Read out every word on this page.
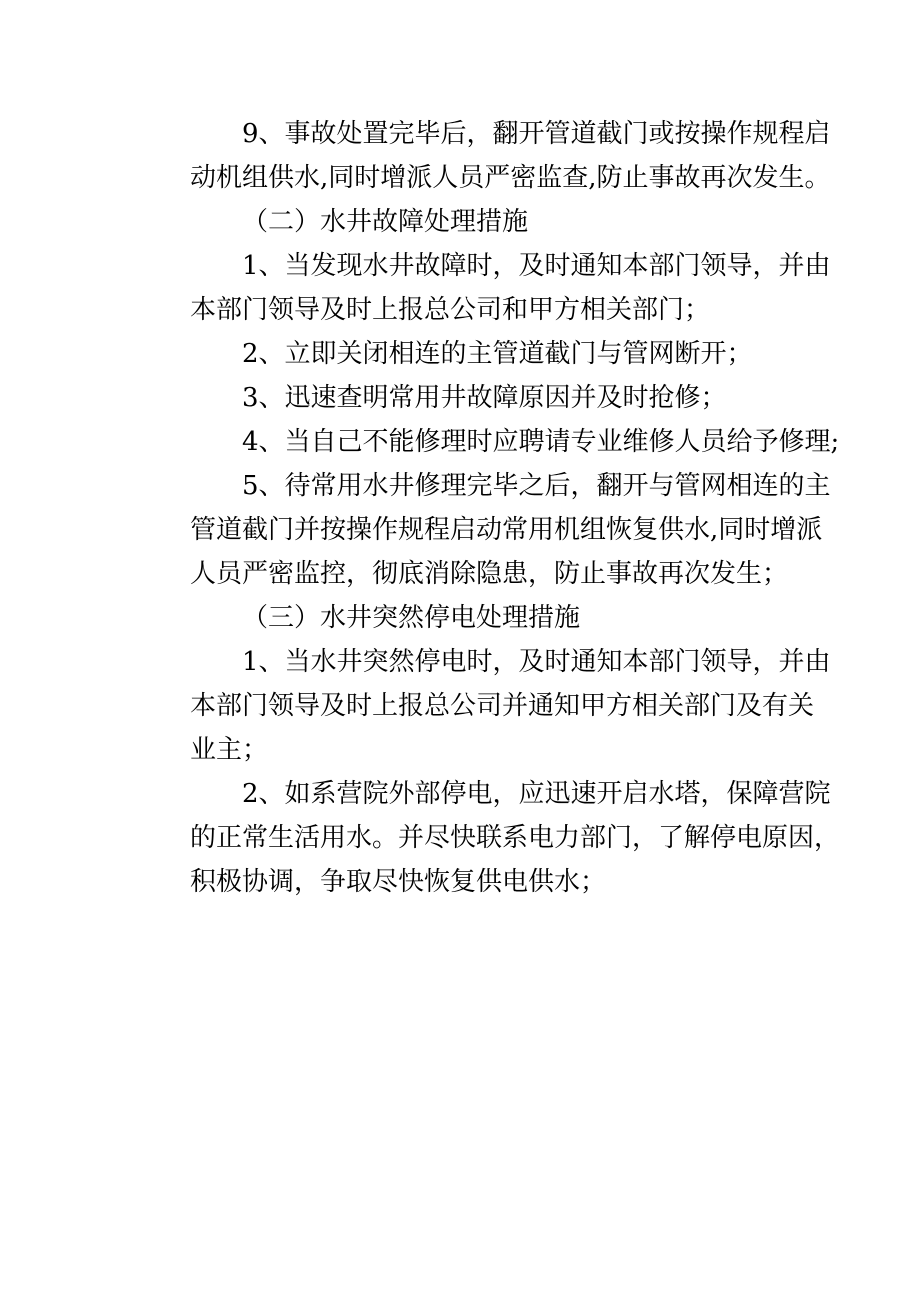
9、事故处置完毕后，翻开管道截门或按操作规程启
动机组供水,同时增派人员严密监查,防止事故再次发生。
（二）水井故障处理措施
1、当发现水井故障时，及时通知本部门领导，并由
本部门领导及时上报总公司和甲方相关部门；
2、立即关闭相连的主管道截门与管网断开；
3、迅速查明常用井故障原因并及时抢修；
4、当自己不能修理时应聘请专业维修人员给予修理;
5、待常用水井修理完毕之后，翻开与管网相连的主
管道截门并按操作规程启动常用机组恢复供水,同时增派
人员严密监控，彻底消除隐患，防止事故再次发生；
（三）水井突然停电处理措施
1、当水井突然停电时，及时通知本部门领导，并由
本部门领导及时上报总公司并通知甲方相关部门及有关
业主；
2、如系营院外部停电，应迅速开启水塔，保障营院
的正常生活用水。并尽快联系电力部门，了解停电原因，
积极协调，争取尽快恢复供电供水；
